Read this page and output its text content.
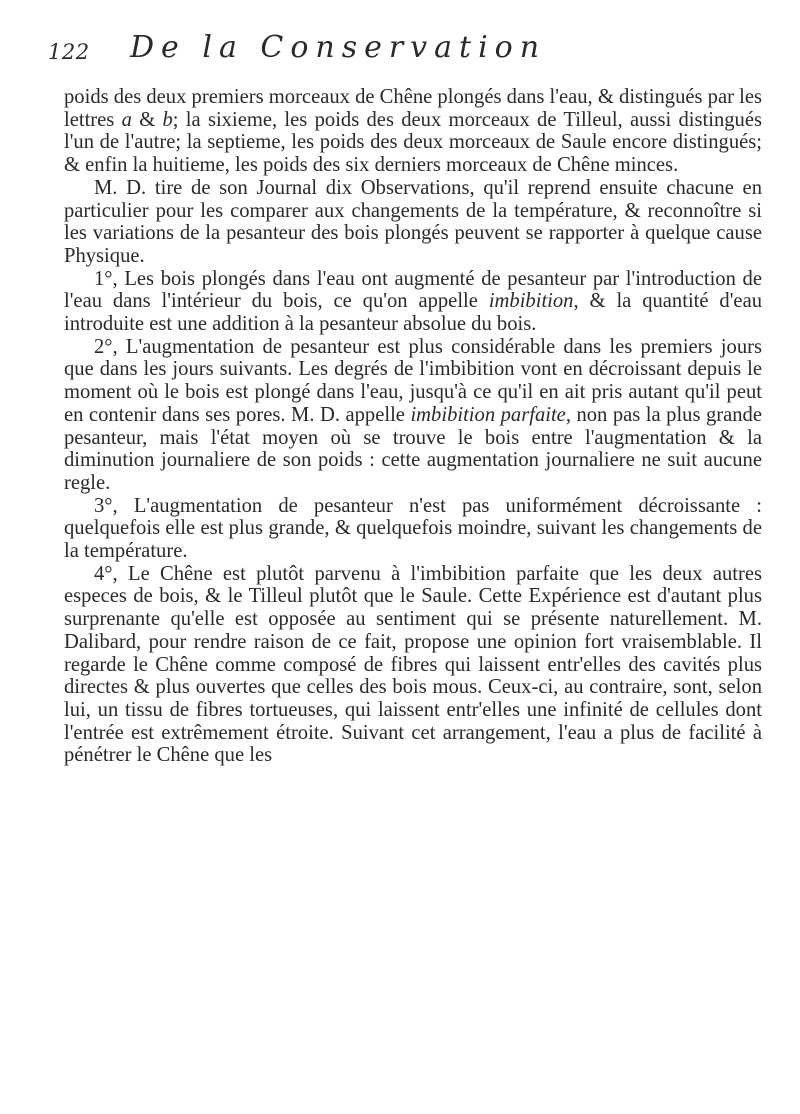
122 De la Conservation

poids des deux premiers morceaux de Chêne plongés dans l'eau, & distingués par les lettres a & b; la sixieme, les poids des deux morceaux de Tilleul, aussi distingués l'un de l'autre; la septieme, les poids des deux morceaux de Saule encore distingués; & enfin la huitieme, les poids des six derniers morceaux de Chêne minces.

M. D. tire de son Journal dix Observations, qu'il reprend ensuite chacune en particulier pour les comparer aux changements de la température, & reconnoître si les variations de la pesanteur des bois plongés peuvent se rapporter à quelque cause Physique.

1°, Les bois plongés dans l'eau ont augmenté de pesanteur par l'introduction de l'eau dans l'intérieur du bois, ce qu'on appelle imbibition, & la quantité d'eau introduite est une addition à la pesanteur absolue du bois.

2°, L'augmentation de pesanteur est plus considérable dans les premiers jours que dans les jours suivants. Les degrés de l'imbibition vont en décroissant depuis le moment où le bois est plongé dans l'eau, jusqu'à ce qu'il en ait pris autant qu'il peut en contenir dans ses pores. M. D. appelle imbibition parfaite, non pas la plus grande pesanteur, mais l'état moyen où se trouve le bois entre l'augmentation & la diminution journaliere de son poids : cette augmentation journaliere ne suit aucune regle.

3°, L'augmentation de pesanteur n'est pas uniformément décroissante : quelquefois elle est plus grande, & quelquefois moindre, suivant les changements de la température.

4°, Le Chêne est plutôt parvenu à l'imbibition parfaite que les deux autres especes de bois, & le Tilleul plutôt que le Saule. Cette Expérience est d'autant plus surprenante qu'elle est opposée au sentiment qui se présente naturellement. M. Dalibard, pour rendre raison de ce fait, propose une opinion fort vraisemblable. Il regarde le Chêne comme composé de fibres qui laissent entr'elles des cavités plus directes & plus ouvertes que celles des bois mous. Ceux-ci, au contraire, sont, selon lui, un tissu de fibres tortueuses, qui laissent entr'elles une infinité de cellules dont l'entrée est extrêmement étroite. Suivant cet arrangement, l'eau a plus de facilité à pénétrer le Chêne que les
